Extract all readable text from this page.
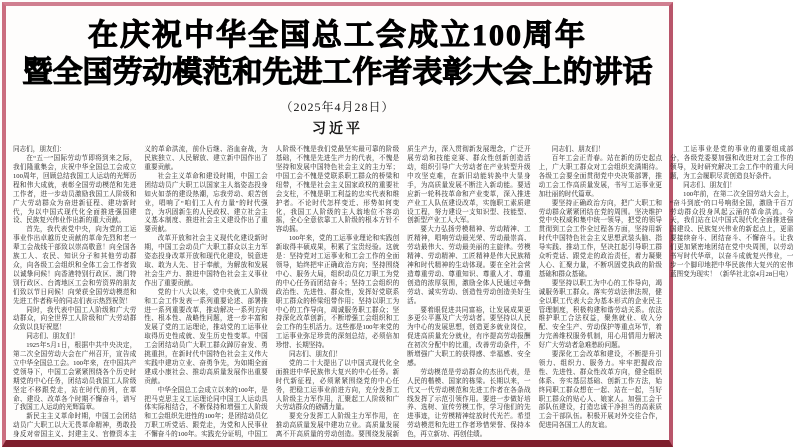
在庆祝中华全国总工会成立100周年
暨全国劳动模范和先进工作者表彰大会上的讲话
（2025年4月28日）
习近平

同志们，朋友们：

在“五一”国际劳动节即将到来之际，我们隆重集会，庆祝中华全国总工会成立100周年，回顾总结我国工人运动的光辉历程和伟大成就，表彰全国劳动模范和先进工作者，进一步动员激励我国工人阶级和广大劳动群众为奋进新征程、建功新时代，为以中国式现代化全面推进强国建设、民族复兴伟业作出新的重大贡献。

首先，我代表党中央，向为党的工运事业作出卓越历史贡献的革命先烈和老一辈工会战线干部致以崇高敬意！向全国各族工人、农民、知识分子和其他劳动群众，向各级工会组织和全体工会工作者致以诚挚问候！向香港特别行政区、澳门特别行政区、台湾地区工会和劳资界的朋友们致以节日问候！向荣获全国劳动模范和先进工作者称号的同志们表示热烈祝贺！

同时，我代表中国工人阶级和广大劳动群众，向全世界工人阶级和广大劳动群众致以良好祝愿！

同志们、朋友们！

1925年5月1日，根据中共中央决定，第二次全国劳动大会在广州召开，宣告成立中华全国总工会。100年来，在中国共产党领导下，中国工会紧紧围绕各个历史时期党的中心任务，团结动员我国工人阶级坚定不移跟党走，站在时代前列，在革命、建设、改革各个时期不懈奋斗，谱写了我国工人运动的光辉篇章。

新民主主义革命时期，中国工会团结动员广大职工以大无畏革命精神，勇敢投身反对帝国主义、封建主义、官僚资本主义的革命洪流，前仆后继、浴血奋战，为民族独立、人民解放、建立新中国作出了重要贡献。

社会主义革命和建设时期，中国工会团结动员广大职工以国家主人翁姿态投身如火如荼的建设热潮，忘我劳动、艰苦创业，唱响了“咱们工人有力量”的时代强音，为巩固新生的人民政权、建立社会主义基本制度、推进社会主义建设作出了重要贡献。

改革开放和社会主义现代化建设新时期，中国工会动员广大职工群众以主力军姿态投身改革开放和现代化建设，锐意进取、敢为人先、甘于奉献，为解放和发展社会生产力、推进中国特色社会主义事业作出了重要贡献。

党的十八大以来，党中央就工人阶级和工会工作发表一系列重要论述、部署推进一系列重要改革，推动解决一系列方向性、根本性、战略性问题，进一步丰富和发展了党的工运理论，推动党的工运事业取得历史性成就、发生历史性变革。中国工会团结动员广大职工群众踔厉奋发、勇挑重担，在新时代中国特色社会主义伟大实践中建功立业、奋勇争先，为如期全面建成小康社会、推动高质量发展作出重要贡献。

中华全国总工会成立以来的100年，是把马克思主义工运理论同中国工人运动具体实际相结合，不断保持和增强工人阶级和工会组织先进性的100年；是团结动员亿万职工听党话、跟党走，为党和人民事业不懈奋斗的100年。实践充分证明，中国工人阶级不愧是我们党最坚实最可靠的阶级基础，不愧是先进生产力的代表，不愧是坚持和发展中国特色社会主义的主力军；中国工会不愧是党联系职工群众的桥梁和纽带，不愧是社会主义国家政权的重要社会支柱，不愧是职工利益的忠实代表和维护者。不论时代怎样变迁、形势如何变化，我国工人阶级的主人翁地位不容动摇，全心全意依靠工人阶级的根本方针不容动摇。

100年来，党的工运事业理论和实践创新取得丰硕成果，积累了宝贵经验。这就是：坚持党对工运事业和工会工作的全面领导，始终把牢正确政治方向；坚持围绕中心、服务大局，组织动员亿万职工为党的中心任务而团结奋斗；坚持工会组织的政治性、先进性、群众性，发挥好党联系职工群众的桥梁纽带作用；坚持以职工为中心的工作导向，竭诚服务职工群众；坚持深化改革创新，不断增强工会组织和工会工作的生机活力。这些都是100年来党的工运事业弥足珍贵的深刻总结，必须倍加珍惜、长期坚持。

同志们、朋友们！

党的二十大提出了以中国式现代化全面推进中华民族伟大复兴的中心任务。新时代新征程，必须紧紧围绕党的中心任务，把稳工运事业前进方向，充分发挥工人阶级主力军作用，汇聚起工人阶级和广大劳动群众的磅礴力量。

要充分发挥工人阶级主力军作用，在推动高质量发展中建功立业。高质量发展离不开高质量的劳动创造。要围绕发展新质生产力，深入贯彻新发展理念，广泛开展劳动和技能竞赛、群众性创新创造活动，组织引导广大劳动者在产业转型升级中攻坚克难，在新旧动能转换中大显身手，为高质量发展不断注入新动能。要适应新一轮科技革命和产业变革，深入推进产业工人队伍建设改革，实施职工素质建设工程，努力建设一支知识型、技能型、创新型产业工人大军。

要大力弘扬劳模精神、劳动精神、工匠精神，唱响劳动最光荣、劳动最崇高、劳动最伟大、劳动最美丽的主旋律。劳模精神、劳动精神、工匠精神是伟大民族精神和时代精神的生动体现。要在全社会营造尊重劳动、尊重知识、尊重人才、尊重创造的浓厚氛围，激励全体人民通过辛勤劳动、诚实劳动、创造性劳动创造美好生活。

要着眼促进共同富裕，让发展成果更多更公平惠及广大劳动者。要坚持以人民为中心的发展思想，创造更多就业岗位，促进高质量充分就业，有序提高劳动报酬在初次分配中的比重，改善劳动条件，不断增强广大职工的获得感、幸福感、安全感。

劳动模范是劳动群众的杰出代表，是人民的楷模、国家的栋梁。长期以来，一代又一代劳动模范和先进工作者在各条战线发挥了示范引领作用。要进一步做好培养、选树、宣传劳模工作，学习他们的先进事迹，让劳模精神绽放时代光芒。希望劳动模范和先进工作者珍惜荣誉、保持本色，再立新功、再创佳绩。

同志们、朋友们！

百年工会正青春。站在新的历史起点上，广大职工群众对工会组织充满期待。各级工会要全面贯彻党中央决策部署，推动工会工作高质量发展，书写工运事业更加壮丽的时代篇章。

要坚持正确政治方向，把广大职工和劳动群众紧紧团结在党的周围。坚决维护党中央权威和集中统一领导，把党的领导贯彻到工会工作全过程各方面，坚持用新时代中国特色社会主义思想武装头脑、指导实践、推动工作，坚决扛起引导职工群众听党话、跟党走的政治责任，着力凝聚人心、汇聚力量，不断巩固党执政的阶级基础和群众基础。

要坚持以职工为中心的工作导向，竭诚服务职工群众。落实劳动法律法规，健全以职工代表大会为基本形式的企业民主管理制度，积极构建和谐劳动关系。依法维护职工合法权益，聚焦就业、收入分配、安全生产、劳动保护等重点环节，着力完善维权服务机制，用心用情用力解决好广大劳动者急难愁盼问题。

要深化工会改革和建设，不断提升引领力、组织力、服务力。牢牢把握政治性、先进性、群众性改革方向，健全组织体系、夯实基层基础、创新工作方法，始终同职工群众想在一起、站在一起，当好职工群众的贴心人、娘家人。加强工会干部队伍建设，打造忠诚干净担当的高素质工会干部队伍。积极开展对外交往合作，促进同各国工人的友谊。

工运事业是党的事业的重要组成部分，各级党委要加强和改进对工会工作的领导，及时研究解决工会工作中的重大问题，为工会履职尽责创造良好条件。

同志们、朋友们！

100年前，在第二次全国劳动大会上，“奋斗到底”的口号响彻全国，激励千百万劳动群众投身风起云涌的革命洪流。今天，我们站在以中国式现代化全面推进强国建设、民族复兴伟业的新起点上，更需要接续奋斗、团结奋斗、不懈奋斗。让我们更加紧密地团结在党中央周围，以劳动书写时代华章，以奋斗成就复兴伟业，一步一个脚印地把中华民族伟大复兴的宏伟蓝图变为现实！（新华社北京4月28日电）
